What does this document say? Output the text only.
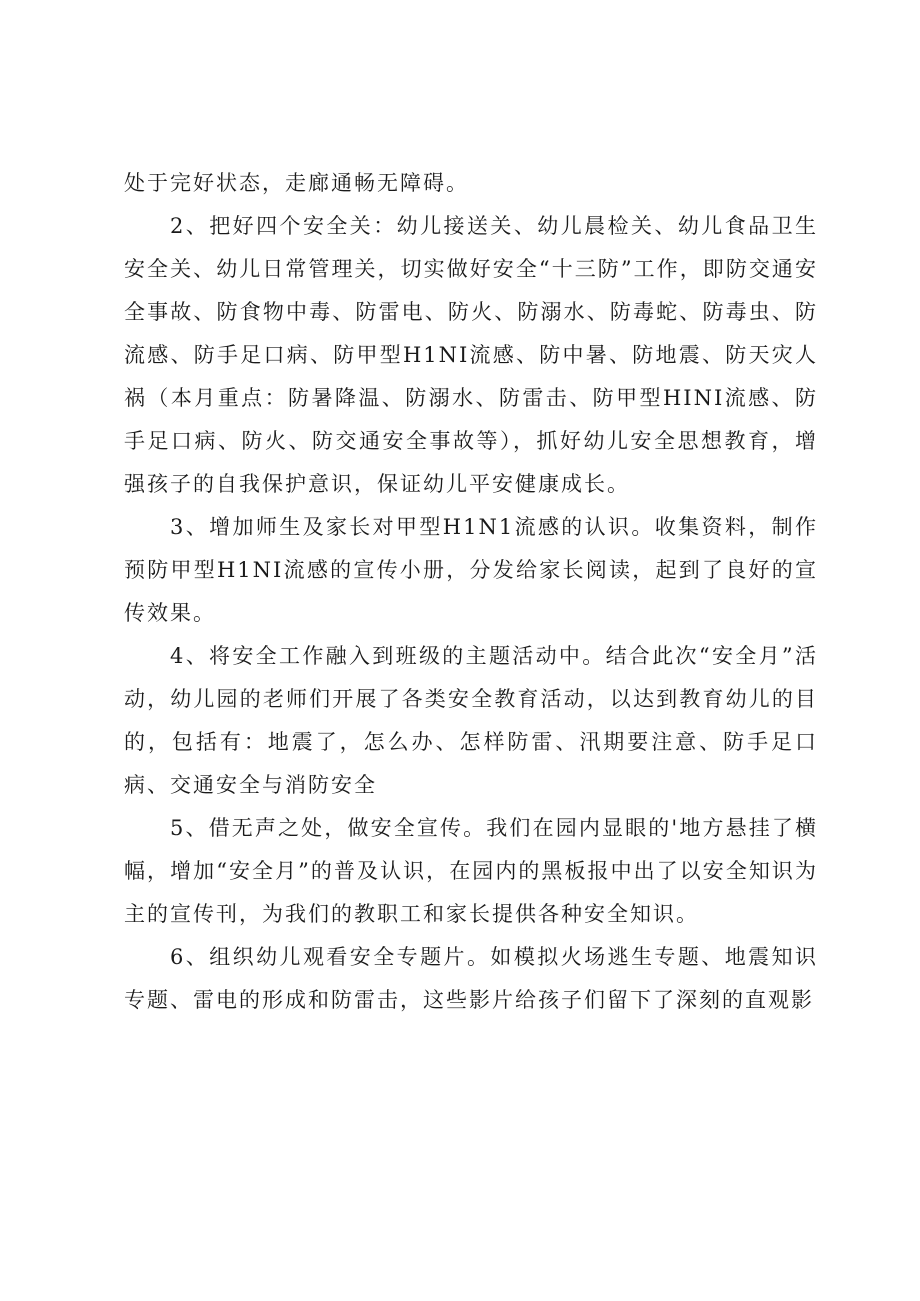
处于完好状态，走廊通畅无障碍。

2、把好四个安全关：幼儿接送关、幼儿晨检关、幼儿食品卫生安全关、幼儿日常管理关，切实做好安全“十三防”工作，即防交通安全事故、防食物中毒、防雷电、防火、防溺水、防毒蛇、防毒虫、防流感、防手足口病、防甲型H1NI流感、防中暑、防地震、防天灾人祸（本月重点：防暑降温、防溺水、防雷击、防甲型HINI流感、防手足口病、防火、防交通安全事故等），抓好幼儿安全思想教育，增强孩子的自我保护意识，保证幼儿平安健康成长。

3、增加师生及家长对甲型H1N1流感的认识。收集资料，制作预防甲型H1NI流感的宣传小册，分发给家长阅读，起到了良好的宣传效果。

4、将安全工作融入到班级的主题活动中。结合此次“安全月”活动，幼儿园的老师们开展了各类安全教育活动，以达到教育幼儿的目的，包括有：地震了，怎么办、怎样防雷、汛期要注意、防手足口病、交通安全与消防安全

5、借无声之处，做安全宣传。我们在园内显眼的'地方悬挂了横幅，增加“安全月”的普及认识，在园内的黑板报中出了以安全知识为主的宣传刊，为我们的教职工和家长提供各种安全知识。

6、组织幼儿观看安全专题片。如模拟火场逃生专题、地震知识专题、雷电的形成和防雷击，这些影片给孩子们留下了深刻的直观影
